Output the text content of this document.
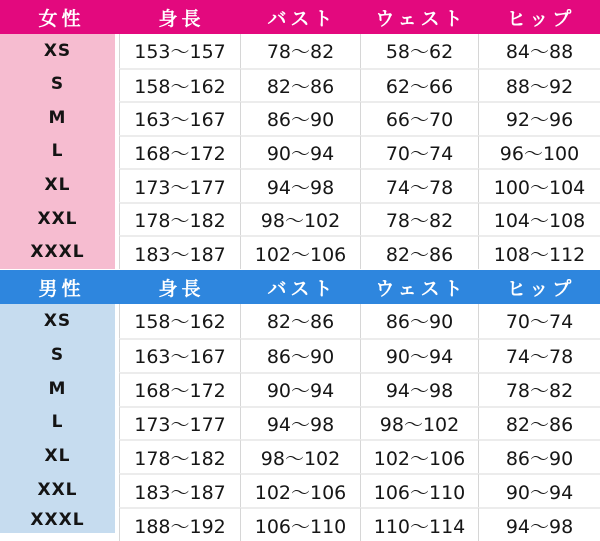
女性	身長	バスト	ウェスト	ヒップ
XS	153〜157	78〜82	58〜62	84〜88
S	158〜162	82〜86	62〜66	88〜92
M	163〜167	86〜90	66〜70	92〜96
L	168〜172	90〜94	70〜74	96〜100
XL	173〜177	94〜98	74〜78	100〜104
XXL	178〜182	98〜102	78〜82	104〜108
XXXL	183〜187	102〜106	82〜86	108〜112
男性	身長	バスト	ウェスト	ヒップ
XS	158〜162	82〜86	86〜90	70〜74
S	163〜167	86〜90	90〜94	74〜78
M	168〜172	90〜94	94〜98	78〜82
L	173〜177	94〜98	98〜102	82〜86
XL	178〜182	98〜102	102〜106	86〜90
XXL	183〜187	102〜106	106〜110	90〜94
XXXL	188〜192	106〜110	110〜114	94〜98
